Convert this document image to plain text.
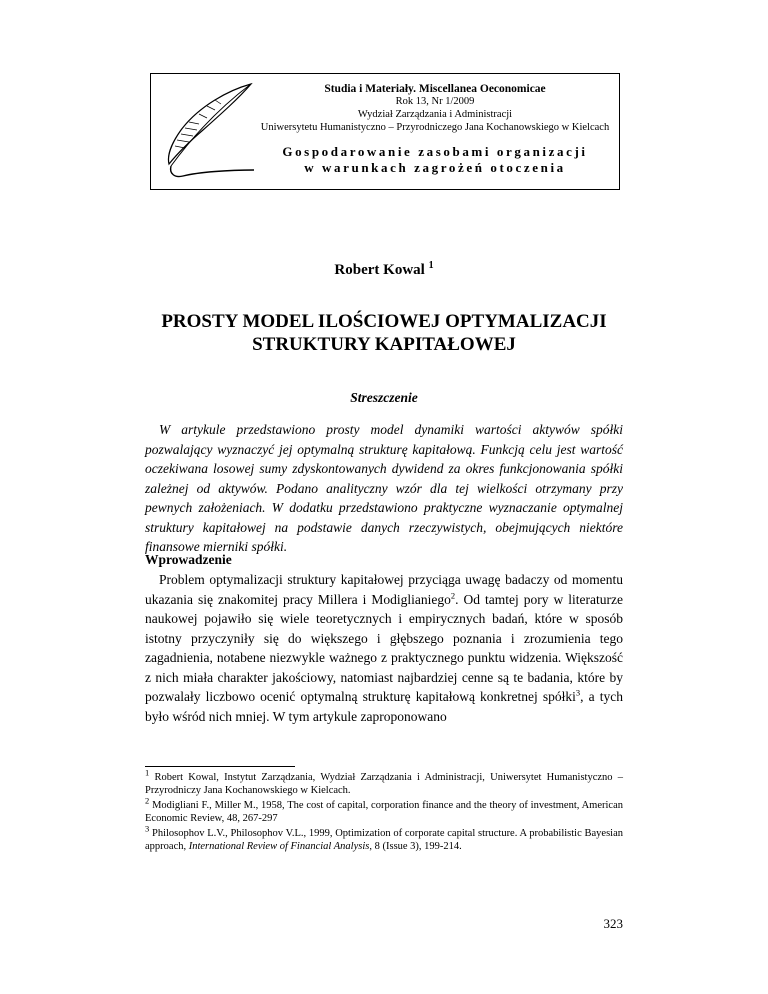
Studia i Materiały. Miscellanea Oeconomicae
Rok 13, Nr 1/2009
Wydział Zarządzania i Administracji
Uniwersytetu Humanistyczno – Przyrodniczego Jana Kochanowskiego w Kielcach
Gospodarowanie zasobami organizacji
w warunkach zagrożeń otoczenia
Robert Kowal $^1$
PROSTY MODEL ILOŚCIOWEJ OPTYMALIZACJI
STRUKTURY KAPITAŁOWEJ
Streszczenie

W artykule przedstawiono prosty model dynamiki wartości aktywów spółki pozwalający wyznaczyć jej optymalną strukturę kapitałową. Funkcją celu jest wartość oczekiwana losowej sumy zdyskontowanych dywidend za okres funkcjonowania spółki zależnej od aktywów. Podano analityczny wzór dla tej wielkości otrzymany przy pewnych założeniach. W dodatku przedstawiono praktyczne wyznaczanie optymalnej struktury kapitałowej na podstawie danych rzeczywistych, obejmujących niektóre finansowe mierniki spółki.

Wprowadzenie

Problem optymalizacji struktury kapitałowej przyciąga uwagę badaczy od momentu ukazania się znakomitej pracy Millera i Modiglianiego$^2$. Od tamtej pory w literaturze naukowej pojawiło się wiele teoretycznych i empirycznych badań, które w sposób istotny przyczyniły się do większego i głębszego poznania i zrozumienia tego zagadnienia, notabene niezwykle ważnego z praktycznego punktu widzenia. Większość z nich miała charakter jakościowy, natomiast najbardziej cenne są te badania, które by pozwalały liczbowo ocenić optymalną strukturę kapitałową konkretnej spółki$^3$, a tych było wśród nich mniej. W tym artykule zaproponowano

$^1$ Robert Kowal, Instytut Zarządzania, Wydział Zarządzania i Administracji, Uniwersytet Humanistyczno – Przyrodniczy Jana Kochanowskiego w Kielcach.

$^2$ Modigliani F., Miller M., 1958, The cost of capital, corporation finance and the theory of investment, American Economic Review, 48, 267-297

$^3$ Philosophov L.V., Philosophov V.L., 1999, Optimization of corporate capital structure. A probabilistic Bayesian approach, International Review of Financial Analysis, 8 (Issue 3), 199-214.

323
